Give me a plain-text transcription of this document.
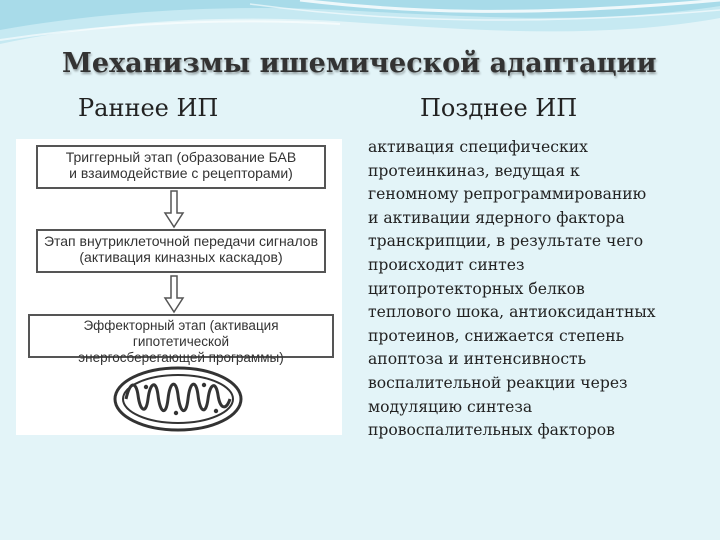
Механизмы ишемической адаптации
Раннее ИП	Позднее ИП
Триггерный этап (образование БАВ
и взаимодействие с рецепторами)
Этап внутриклеточной передачи сигналов
(активация киназных каскадов)
Эффекторный этап (активация гипотетической
энергосберегающей программы)
активация специфических
протеинкиназ, ведущая к
геномному репрограммированию
и активации ядерного фактора
транскрипции, в результате чего
происходит синтез
цитопротекторных белков
теплового шока, антиоксидантных
протеинов, снижается степень
апоптоза и интенсивность
воспалительной реакции через
модуляцию синтеза
провоспалительных факторов
